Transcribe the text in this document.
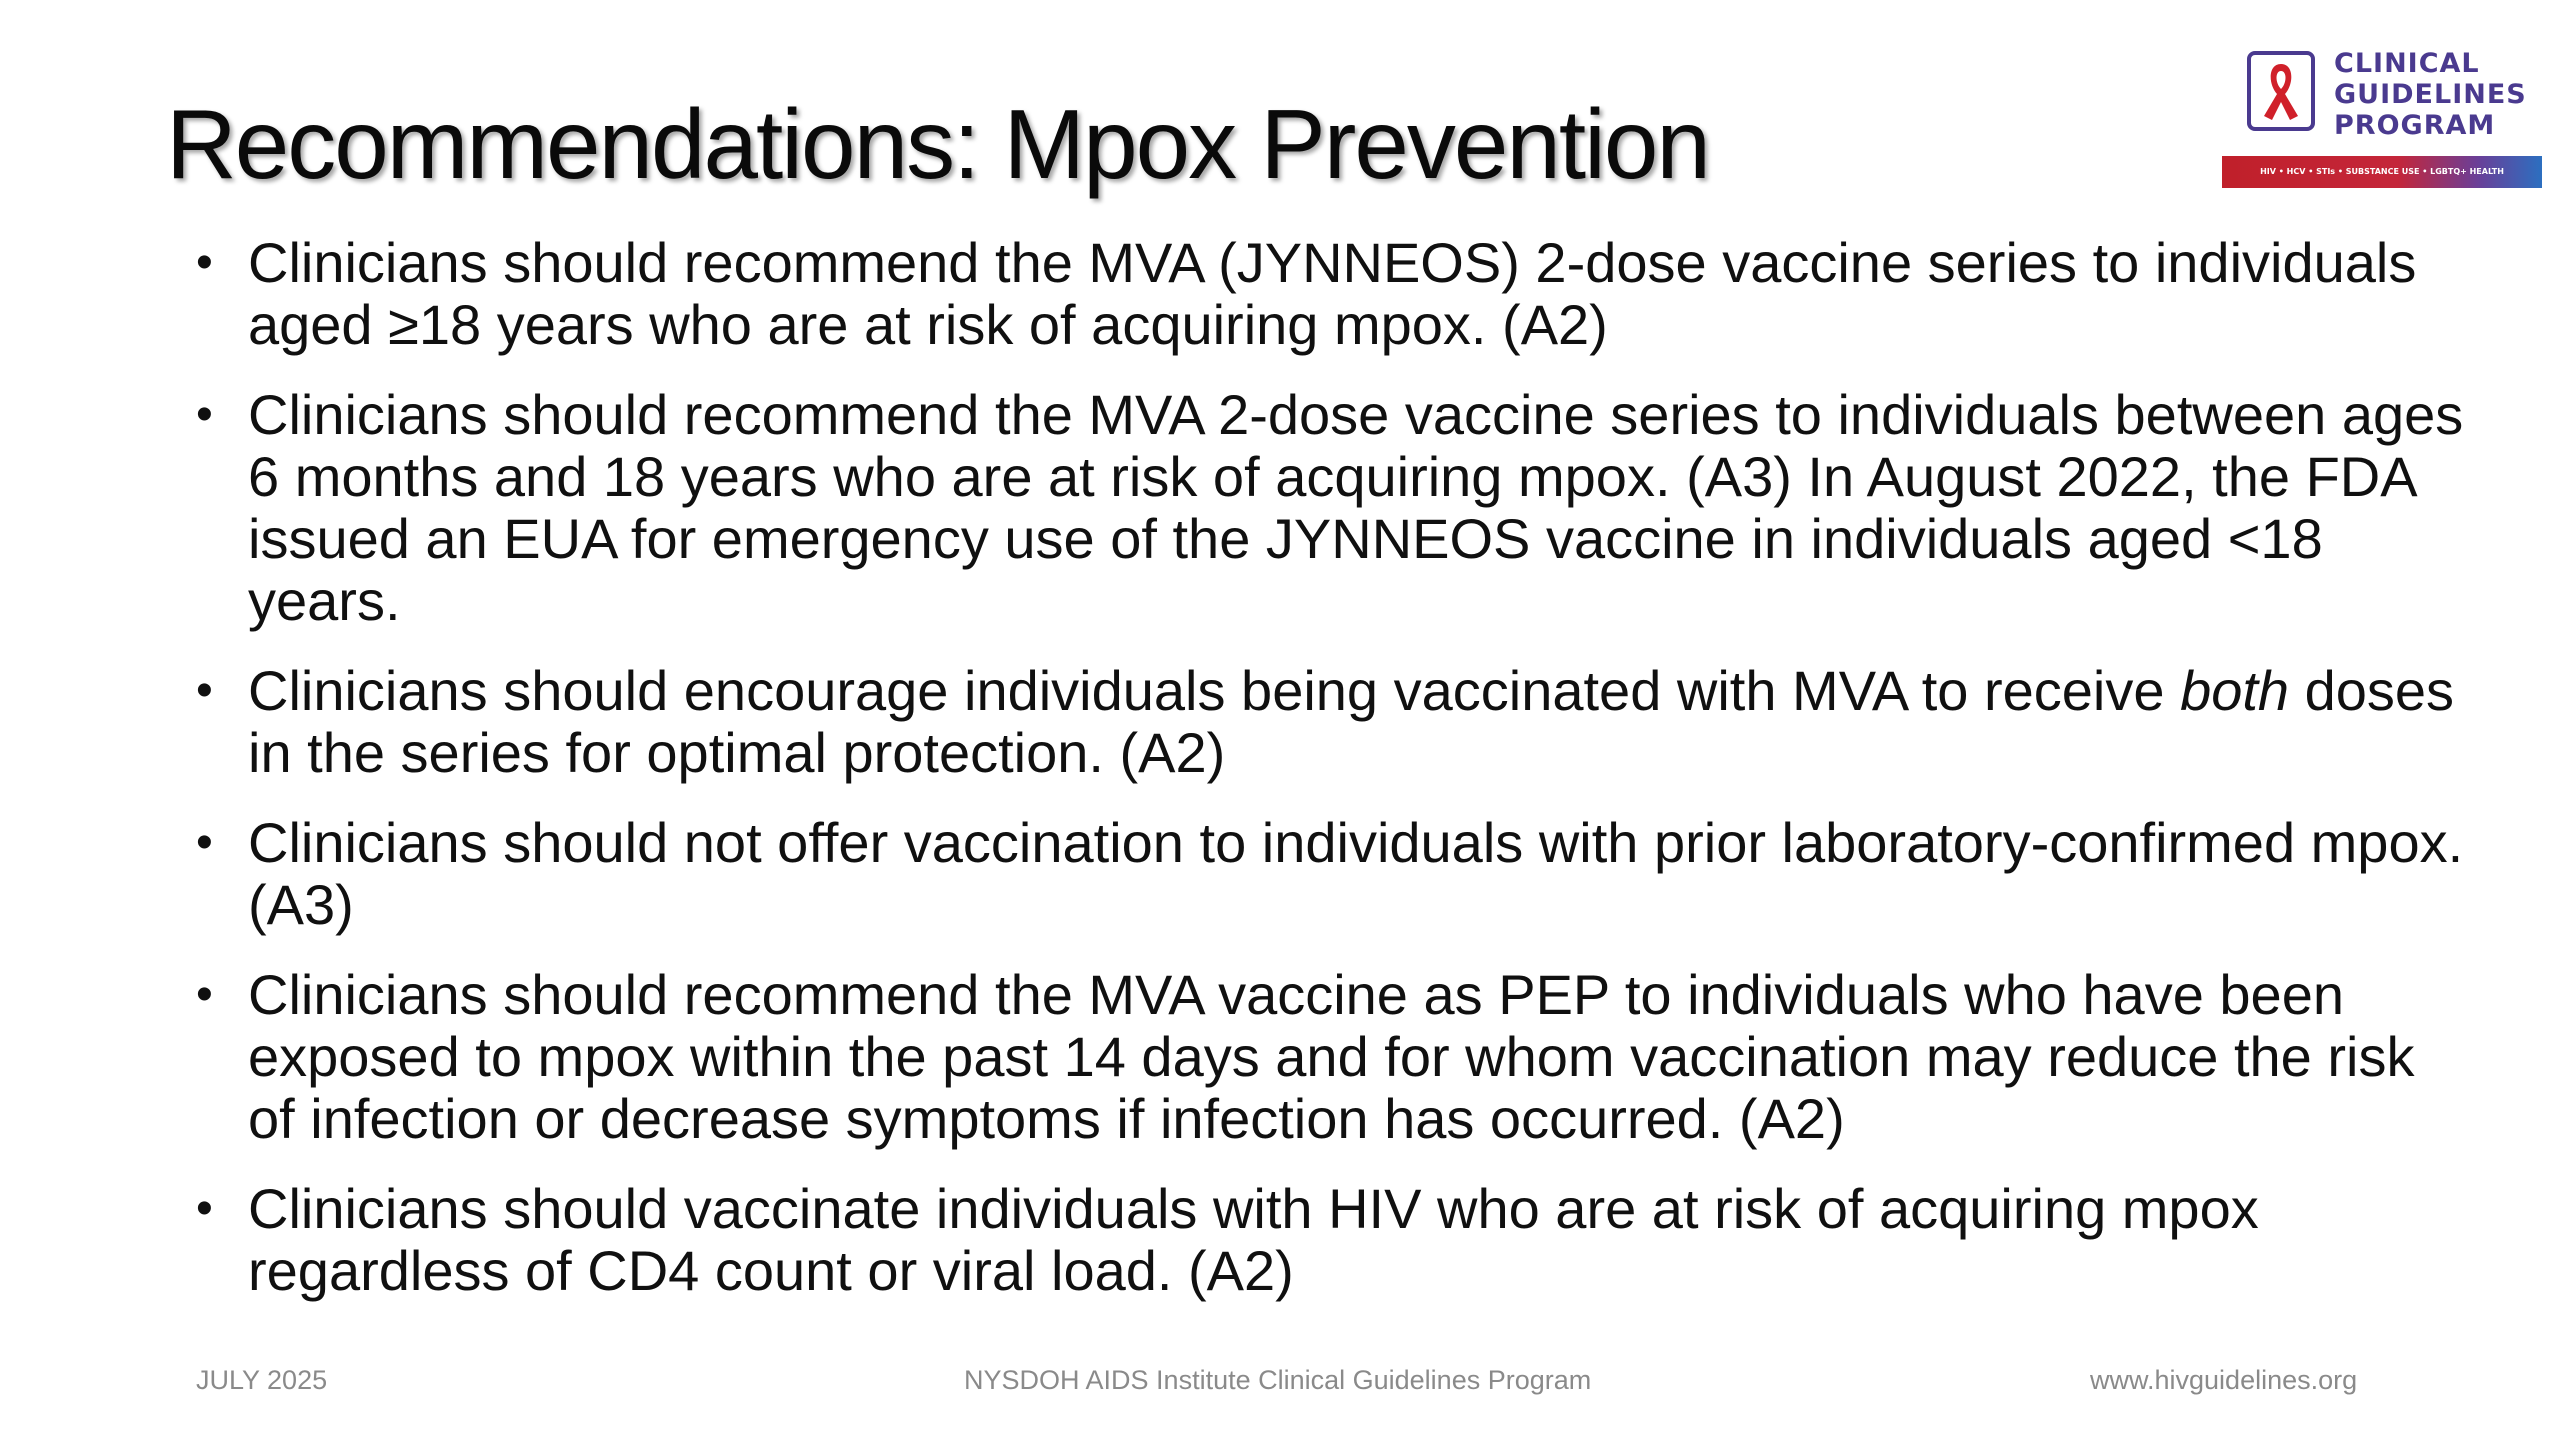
Recommendations: Mpox Prevention
CLINICAL
GUIDELINES
PROGRAM
HIV • HCV • STIs • SUBSTANCE USE • LGBTQ+ HEALTH
• Clinicians should recommend the MVA (JYNNEOS) 2-dose vaccine series to individuals aged ≥18 years who are at risk of acquiring mpox. (A2)
• Clinicians should recommend the MVA 2-dose vaccine series to individuals between ages 6 months and 18 years who are at risk of acquiring mpox. (A3) In August 2022, the FDA issued an EUA for emergency use of the JYNNEOS vaccine in individuals aged <18 years.
• Clinicians should encourage individuals being vaccinated with MVA to receive both doses in the series for optimal protection. (A2)
• Clinicians should not offer vaccination to individuals with prior laboratory-confirmed mpox. (A3)
• Clinicians should recommend the MVA vaccine as PEP to individuals who have been exposed to mpox within the past 14 days and for whom vaccination may reduce the risk of infection or decrease symptoms if infection has occurred. (A2)
• Clinicians should vaccinate individuals with HIV who are at risk of acquiring mpox regardless of CD4 count or viral load. (A2)
JULY 2025	NYSDOH AIDS Institute Clinical Guidelines Program	www.hivguidelines.org
